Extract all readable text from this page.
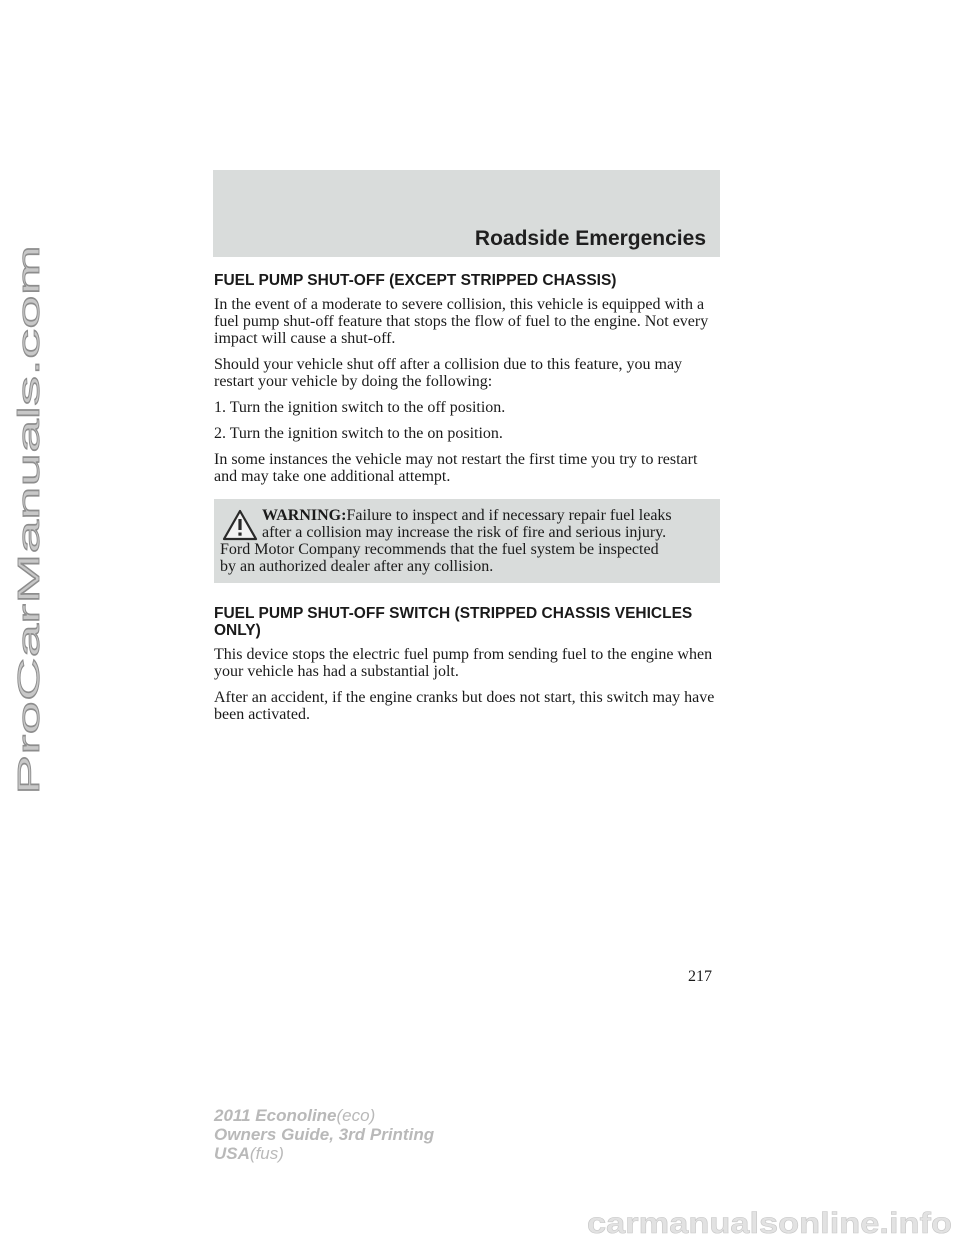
ProCarManuals.com
Roadside Emergencies
FUEL PUMP SHUT-OFF (EXCEPT STRIPPED CHASSIS)

In the event of a moderate to severe collision, this vehicle is equipped with a fuel pump shut-off feature that stops the flow of fuel to the engine. Not every impact will cause a shut-off.

Should your vehicle shut off after a collision due to this feature, you may restart your vehicle by doing the following:

1. Turn the ignition switch to the off position.

2. Turn the ignition switch to the on position.

In some instances the vehicle may not restart the first time you try to restart and may take one additional attempt.

WARNING:Failure to inspect and if necessary repair fuel leaks
after a collision may increase the risk of fire and serious injury.
Ford Motor Company recommends that the fuel system be inspected
by an authorized dealer after any collision.
FUEL PUMP SHUT-OFF SWITCH (STRIPPED CHASSIS VEHICLES ONLY)

This device stops the electric fuel pump from sending fuel to the engine when your vehicle has had a substantial jolt.

After an accident, if the engine cranks but does not start, this switch may have been activated.

217
2011 Econoline(eco)
Owners Guide, 3rd Printing
USA(fus)
carmanualsonline.info
